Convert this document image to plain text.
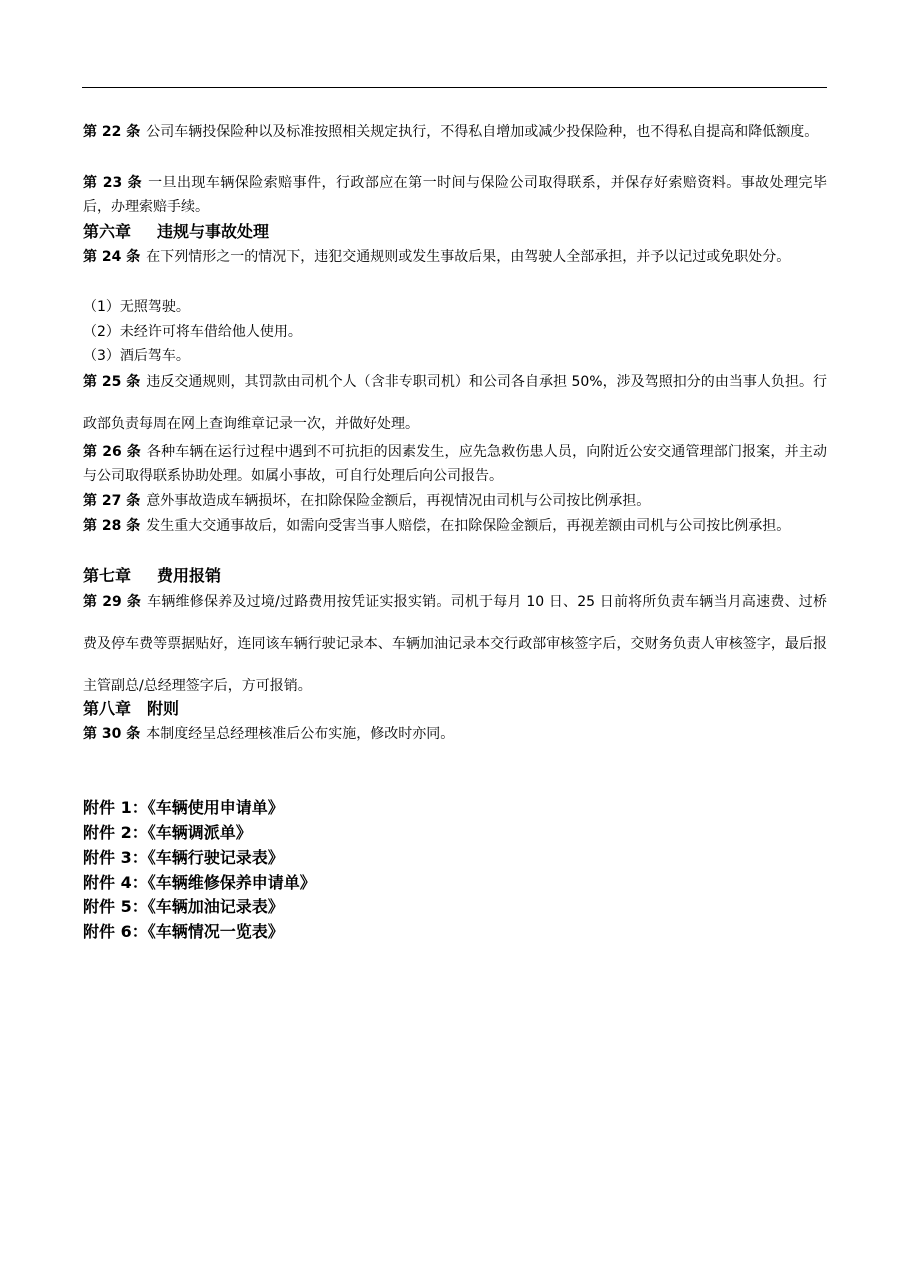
第 22 条 公司车辆投保险种以及标准按照相关规定执行，不得私自增加或减少投保险种，也不得私自提高和降低额度。
第 23 条 一旦出现车辆保险索赔事件，行政部应在第一时间与保险公司取得联系，并保存好索赔资料。事故处理完毕后，办理索赔手续。
第六章 违规与事故处理
第 24 条 在下列情形之一的情况下，违犯交通规则或发生事故后果，由驾驶人全部承担，并予以记过或免职处分。
（1）无照驾驶。
（2）未经许可将车借给他人使用。
（3）酒后驾车。
第 25 条 违反交通规则，其罚款由司机个人（含非专职司机）和公司各自承担 50%，涉及驾照扣分的由当事人负担。行政部负责每周在网上查询维章记录一次，并做好处理。
第 26 条 各种车辆在运行过程中遇到不可抗拒的因素发生，应先急救伤患人员，向附近公安交通管理部门报案，并主动与公司取得联系协助处理。如属小事故，可自行处理后向公司报告。
第 27 条 意外事故造成车辆损坏，在扣除保险金额后，再视情况由司机与公司按比例承担。
第 28 条 发生重大交通事故后，如需向受害当事人赔偿，在扣除保险金额后，再视差额由司机与公司按比例承担。
第七章 费用报销
第 29 条 车辆维修保养及过境/过路费用按凭证实报实销。司机于每月 10 日、25 日前将所负责车辆当月高速费、过桥费及停车费等票据贴好，连同该车辆行驶记录本、车辆加油记录本交行政部审核签字后，交财务负责人审核签字，最后报主管副总/总经理签字后，方可报销。
第八章 附则
第 30 条 本制度经呈总经理核准后公布实施，修改时亦同。
附件 1：《车辆使用申请单》
附件 2：《车辆调派单》
附件 3：《车辆行驶记录表》
附件 4：《车辆维修保养申请单》
附件 5：《车辆加油记录表》
附件 6：《车辆情况一览表》
